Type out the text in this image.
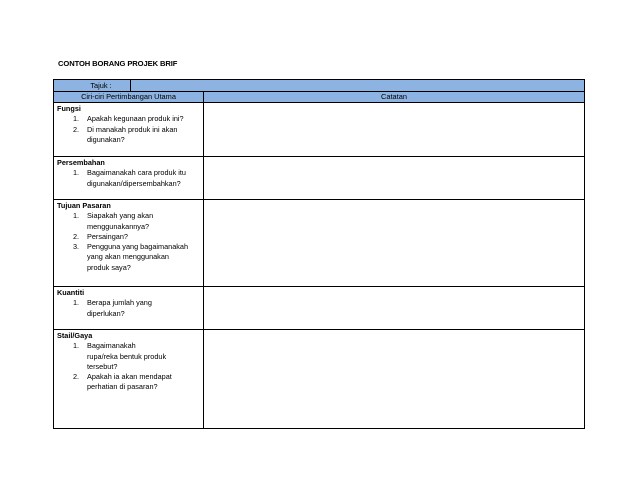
CONTOH BORANG PROJEK BRIF
Tajuk :
Ciri-ciri Pertimbangan Utama	Catatan
Fungsi
1. Apakah kegunaan produk ini?
2. Di manakah produk ini akan
digunakan?
Persembahan
1. Bagaimanakah cara produk itu
digunakan/dipersembahkan?
Tujuan Pasaran
1. Siapakah yang akan
menggunakannya?
2. Persaingan?
3. Pengguna yang bagaimanakah
yang akan menggunakan
produk saya?
Kuantiti
1. Berapa jumlah yang
diperlukan?
Stail/Gaya
1. Bagaimanakah
rupa/reka bentuk produk
tersebut?
2. Apakah ia akan mendapat
perhatian di pasaran?
